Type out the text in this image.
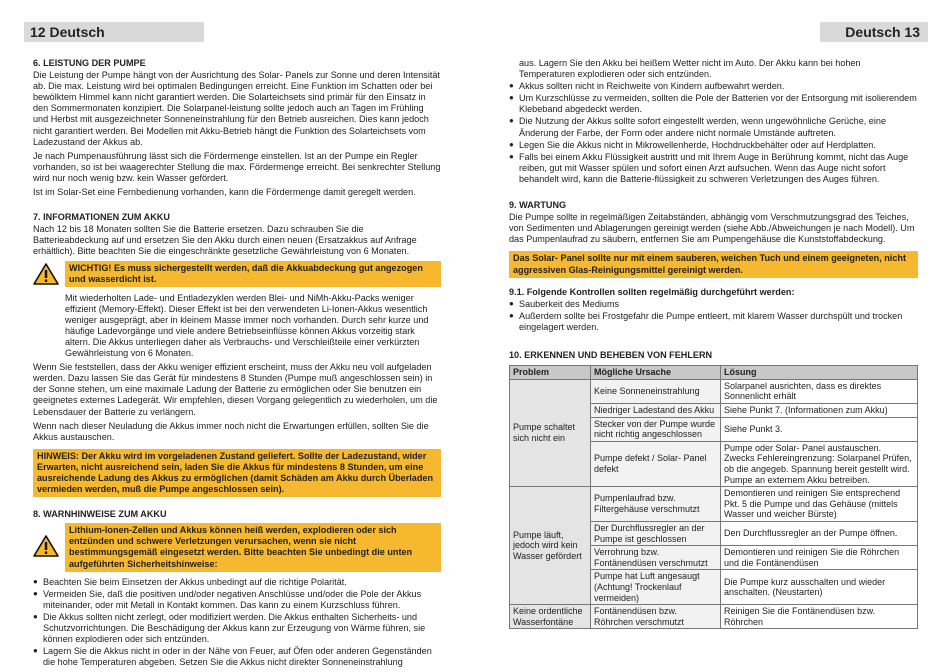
12 Deutsch	Deutsch 13
6. LEISTUNG DER PUMPE

Die Leistung der Pumpe hängt von der Ausrichtung des Solar- Panels zur Sonne und deren Intensität ab. Die max. Leistung wird bei optimalen Bedingungen erreicht. Eine Funktion im Schatten oder bei bewölktem Himmel kann nicht garantiert werden. Die Solarteichsets sind primär für den Einsatz in den Sommermonaten konzipiert. Die Solarpanel-leistung sollte jedoch auch an Tagen im Frühling und Herbst mit ausgezeichneter Sonneneinstrahlung für den Betrieb ausreichen. Dies kann jedoch nicht garantiert werden. Bei Modellen mit Akku-Betrieb hängt die Funktion des Solarteichsets vom Ladezustand der Akkus ab.

Je nach Pumpenausführung lässt sich die Fördermenge einstellen. Ist an der Pumpe ein Regler vorhanden, so ist bei waagerechter Stellung die max. Fördermenge erreicht. Bei senkrechter Stellung wird nur noch wenig bzw. kein Wasser gefördert.

Ist im Solar-Set eine Fernbedienung vorhanden, kann die Fördermenge damit geregelt werden.

7. INFORMATIONEN ZUM AKKU

Nach 12 bis 18 Monaten sollten Sie die Batterie ersetzen. Dazu schrauben Sie die Batterieabdeckung auf und ersetzen Sie den Akku durch einen neuen (Ersatzakkus auf Anfrage erhältlich). Bitte beachten Sie die eingeschränkte gesetzliche Gewährleistung von 6 Monaten.

WICHTIG! Es muss sichergestellt werden, daß die Akkuabdeckung gut angezogen und wasserdicht ist.

Mit wiederholten Lade- und Entladezyklen werden Blei- und NiMh-Akku-Packs weniger effizient (Memory-Effekt). Dieser Effekt ist bei den verwendeten Li-Ionen-Akkus wesentlich weniger ausgeprägt, aber in kleinem Masse immer noch vorhanden. Durch sehr kurze und häufige Ladevorgänge und viele andere Betriebseinflüsse können Akkus vorzeitig stark altern. Die Akkus unterliegen daher als Verbrauchs- und Verschleißteile einer verkürzten Gewährleistung von 6 Monaten.

Wenn Sie feststellen, dass der Akku weniger effizient erscheint, muss der Akku neu voll aufgeladen werden. Dazu lassen Sie das Gerät für mindestens 8 Stunden (Pumpe muß angeschlossen sein) in der Sonne stehen, um eine maximale Ladung der Batterie zu ermöglichen oder Sie benutzen ein geeignetes externes Ladegerät. Wir empfehlen, diesen Vorgang gelegentlich zu wiederholen, um die Lebensdauer der Batterie zu verlängern.

Wenn nach dieser Neuladung die Akkus immer noch nicht die Erwartungen erfüllen, sollten Sie die Akkus austauschen.

HINWEIS: Der Akku wird im vorgeladenen Zustand geliefert. Sollte der Ladezustand, wider Erwarten, nicht ausreichend sein, laden Sie die Akkus für mindestens 8 Stunden, um eine ausreichende Ladung des Akkus zu ermöglichen (damit Schäden am Akku durch Überladen vermieden werden, muß die Pumpe angeschlossen sein).
8. WARNHINWEISE ZUM AKKU
Lithium-Ionen-Zellen und Akkus können heiß werden, explodieren oder sich entzünden und schwere Verletzungen verursachen, wenn sie nicht bestimmungsgemäß eingesetzt werden. Bitte beachten Sie unbedingt die unten aufgeführten Sicherheitshinweise:
● Beachten Sie beim Einsetzen der Akkus unbedingt auf die richtige Polarität.
● Vermeiden Sie, daß die positiven und/oder negativen Anschlüsse und/oder die Pole der Akkus miteinander, oder mit Metall in Kontakt kommen. Das kann zu einem Kurzschluss führen.
● Die Akkus sollten nicht zerlegt, oder modifiziert werden. Die Akkus enthalten Sicherheits- und Schutzvorrichtungen. Die Beschädigung der Akkus kann zur Erzeugung von Wärme führen, sie können explodieren oder sich entzünden.
● Lagern Sie die Akkus nicht in oder in der Nähe von Feuer, auf Öfen oder anderen Gegenständen die hohe Temperaturen abgeben. Setzen Sie die Akkus nicht direkter Sonneneinstrahlung

aus. Lagern Sie den Akku bei heißem Wetter nicht im Auto. Der Akku kann bei hohen Temperaturen explodieren oder sich entzünden.

● Akkus sollten nicht in Reichweite von Kindern aufbewahrt werden.
● Um Kurzschlüsse zu vermeiden, sollten die Pole der Batterien vor der Entsorgung mit isolierendem Klebeband abgedeckt werden.
● Die Nutzung der Akkus sollte sofort eingestellt werden, wenn ungewöhnliche Gerüche, eine Änderung der Farbe, der Form oder andere nicht normale Umstände auftreten.
● Legen Sie die Akkus nicht in Mikrowellenherde, Hochdruckbehälter oder auf Herdplatten.
● Falls bei einem Akku Flüssigkeit austritt und mit Ihrem Auge in Berührung kommt, nicht das Auge reiben, gut mit Wasser spülen und sofort einen Arzt aufsuchen. Wenn das Auge nicht sofort behandelt wird, kann die Batterie-flüssigkeit zu schweren Verletzungen des Auges führen.
9. WARTUNG

Die Pumpe sollte in regelmäßigen Zeitabständen, abhängig vom Verschmutzungsgrad des Teiches, von Sedimenten und Ablagerungen gereinigt werden (siehe Abb./Abweichungen je nach Modell). Um das Pumpenlaufrad zu säubern, entfernen Sie am Pumpengehäuse die Kunststoffabdeckung.

Das Solar- Panel sollte nur mit einem sauberen, weichen Tuch und einem geeigneten, nicht aggressiven Glas-Reinigungsmittel gereinigt werden.
9.1. Folgende Kontrollen sollten regelmäßig durchgeführt werden:
● Sauberkeit des Mediums
● Außerdem sollte bei Frostgefahr die Pumpe entleert, mit klarem Wasser durchspült und trocken eingelagert werden.
10. ERKENNEN UND BEHEBEN VON FEHLERN
Problem	Mögliche Ursache	Lösung
Pumpe schaltet sich nicht ein	Keine Sonneneinstrahlung	Solarpanel ausrichten, dass es direktes Sonnenlicht erhält
	Niedriger Ladestand des Akku	Siehe Punkt 7. (Informationen zum Akku)
	Stecker von der Pumpe wurde nicht richtig angeschlossen	Siehe Punkt 3.
	Pumpe defekt / Solar- Panel defekt	Pumpe oder Solar- Panel austauschen. Zwecks Fehlereingrenzung: Solarpanel Prüfen, ob die angegeb. Spannung bereit gestellt wird. Pumpe an externem Akku betreiben.
Pumpe läuft, jedoch wird kein Wasser gefördert	Pumpenlaufrad bzw. Filtergehäuse verschmutzt	Demontieren und reinigen Sie entsprechend Pkt. 5 die Pumpe und das Gehäuse (mittels Wasser und weicher Bürste)
	Der Durchflussregler an der Pumpe ist geschlossen	Den Durchflussregler an der Pumpe öffnen.
	Verrohrung bzw. Fontänendüsen verschmutzt	Demontieren und reinigen Sie die Röhrchen und die Fontänendüsen
	Pumpe hat Luft angesaugt (Achtung! Trockenlauf vermeiden)	Die Pumpe kurz ausschalten und wieder anschalten. (Neustarten)
Keine ordentliche Wasserfontäne	Fontänendüsen bzw. Röhrchen verschmutzt	Reinigen Sie die Fontänendüsen bzw. Röhrchen
